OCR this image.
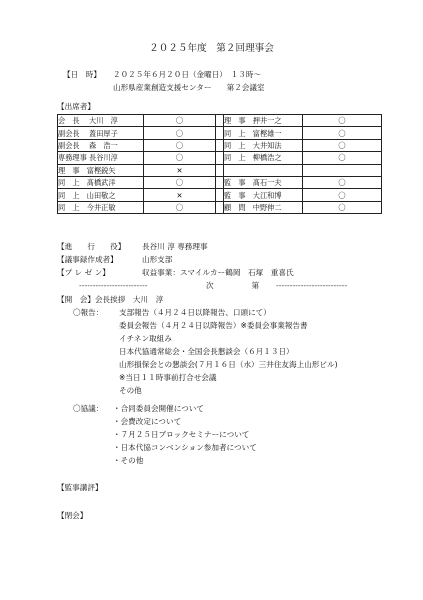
２０２５年度　第２回理事会
【日　時】 ２０２５年６月２０日（金曜日）　１３時～
山形県産業創造支援センター　　第２会議室
【出席者】
会　長　 大川　淳	〇		理　事　押井一之	〇
副会長　 蓋田厚子	〇		同　上　富樫雄一	〇
副会長　 森　浩一	〇		同　上　大井知法	〇
専務理事 長谷川淳	〇		同　上　柳橋浩之	〇
理　事　富樫鋭矢	✕			
同　上　髙橋武洋	〇		監　事　髙石一夫	〇
同　上　山田敬之	✕		監　事　大江和博	〇
同　上　今井正敏	〇		顧　問　中野伸二	〇
【進　　行　　役】 長谷川 淳 専務理事
【議事録作成者】	山形支部
【プ レ ゼ ン】	収益事業：スマイルカー鶴岡　石塚　重喜氏
-------------------------	次　　　　　第 --------------------------
【開　会】会長挨拶　大川　淳
〇報告： 支部報告（４月２４日以降報告、口頭にて）
委員会報告（４月２４日以降報告）※委員会事業報告書
イチネン取組み
日本代協通常総会・全国会長懇談会（６月１３日）
山形損保会との懇談会(７月１６日（水）三井住友海上山形ビル)
※当日１１時事前打合せ会議
その他
〇協議： ・合同委員会開催について
・会費改定について
・７月２５日ブロックセミナーについて
・日本代協コンベンション参加者について
・その他
【監事講評】
【閉会】
